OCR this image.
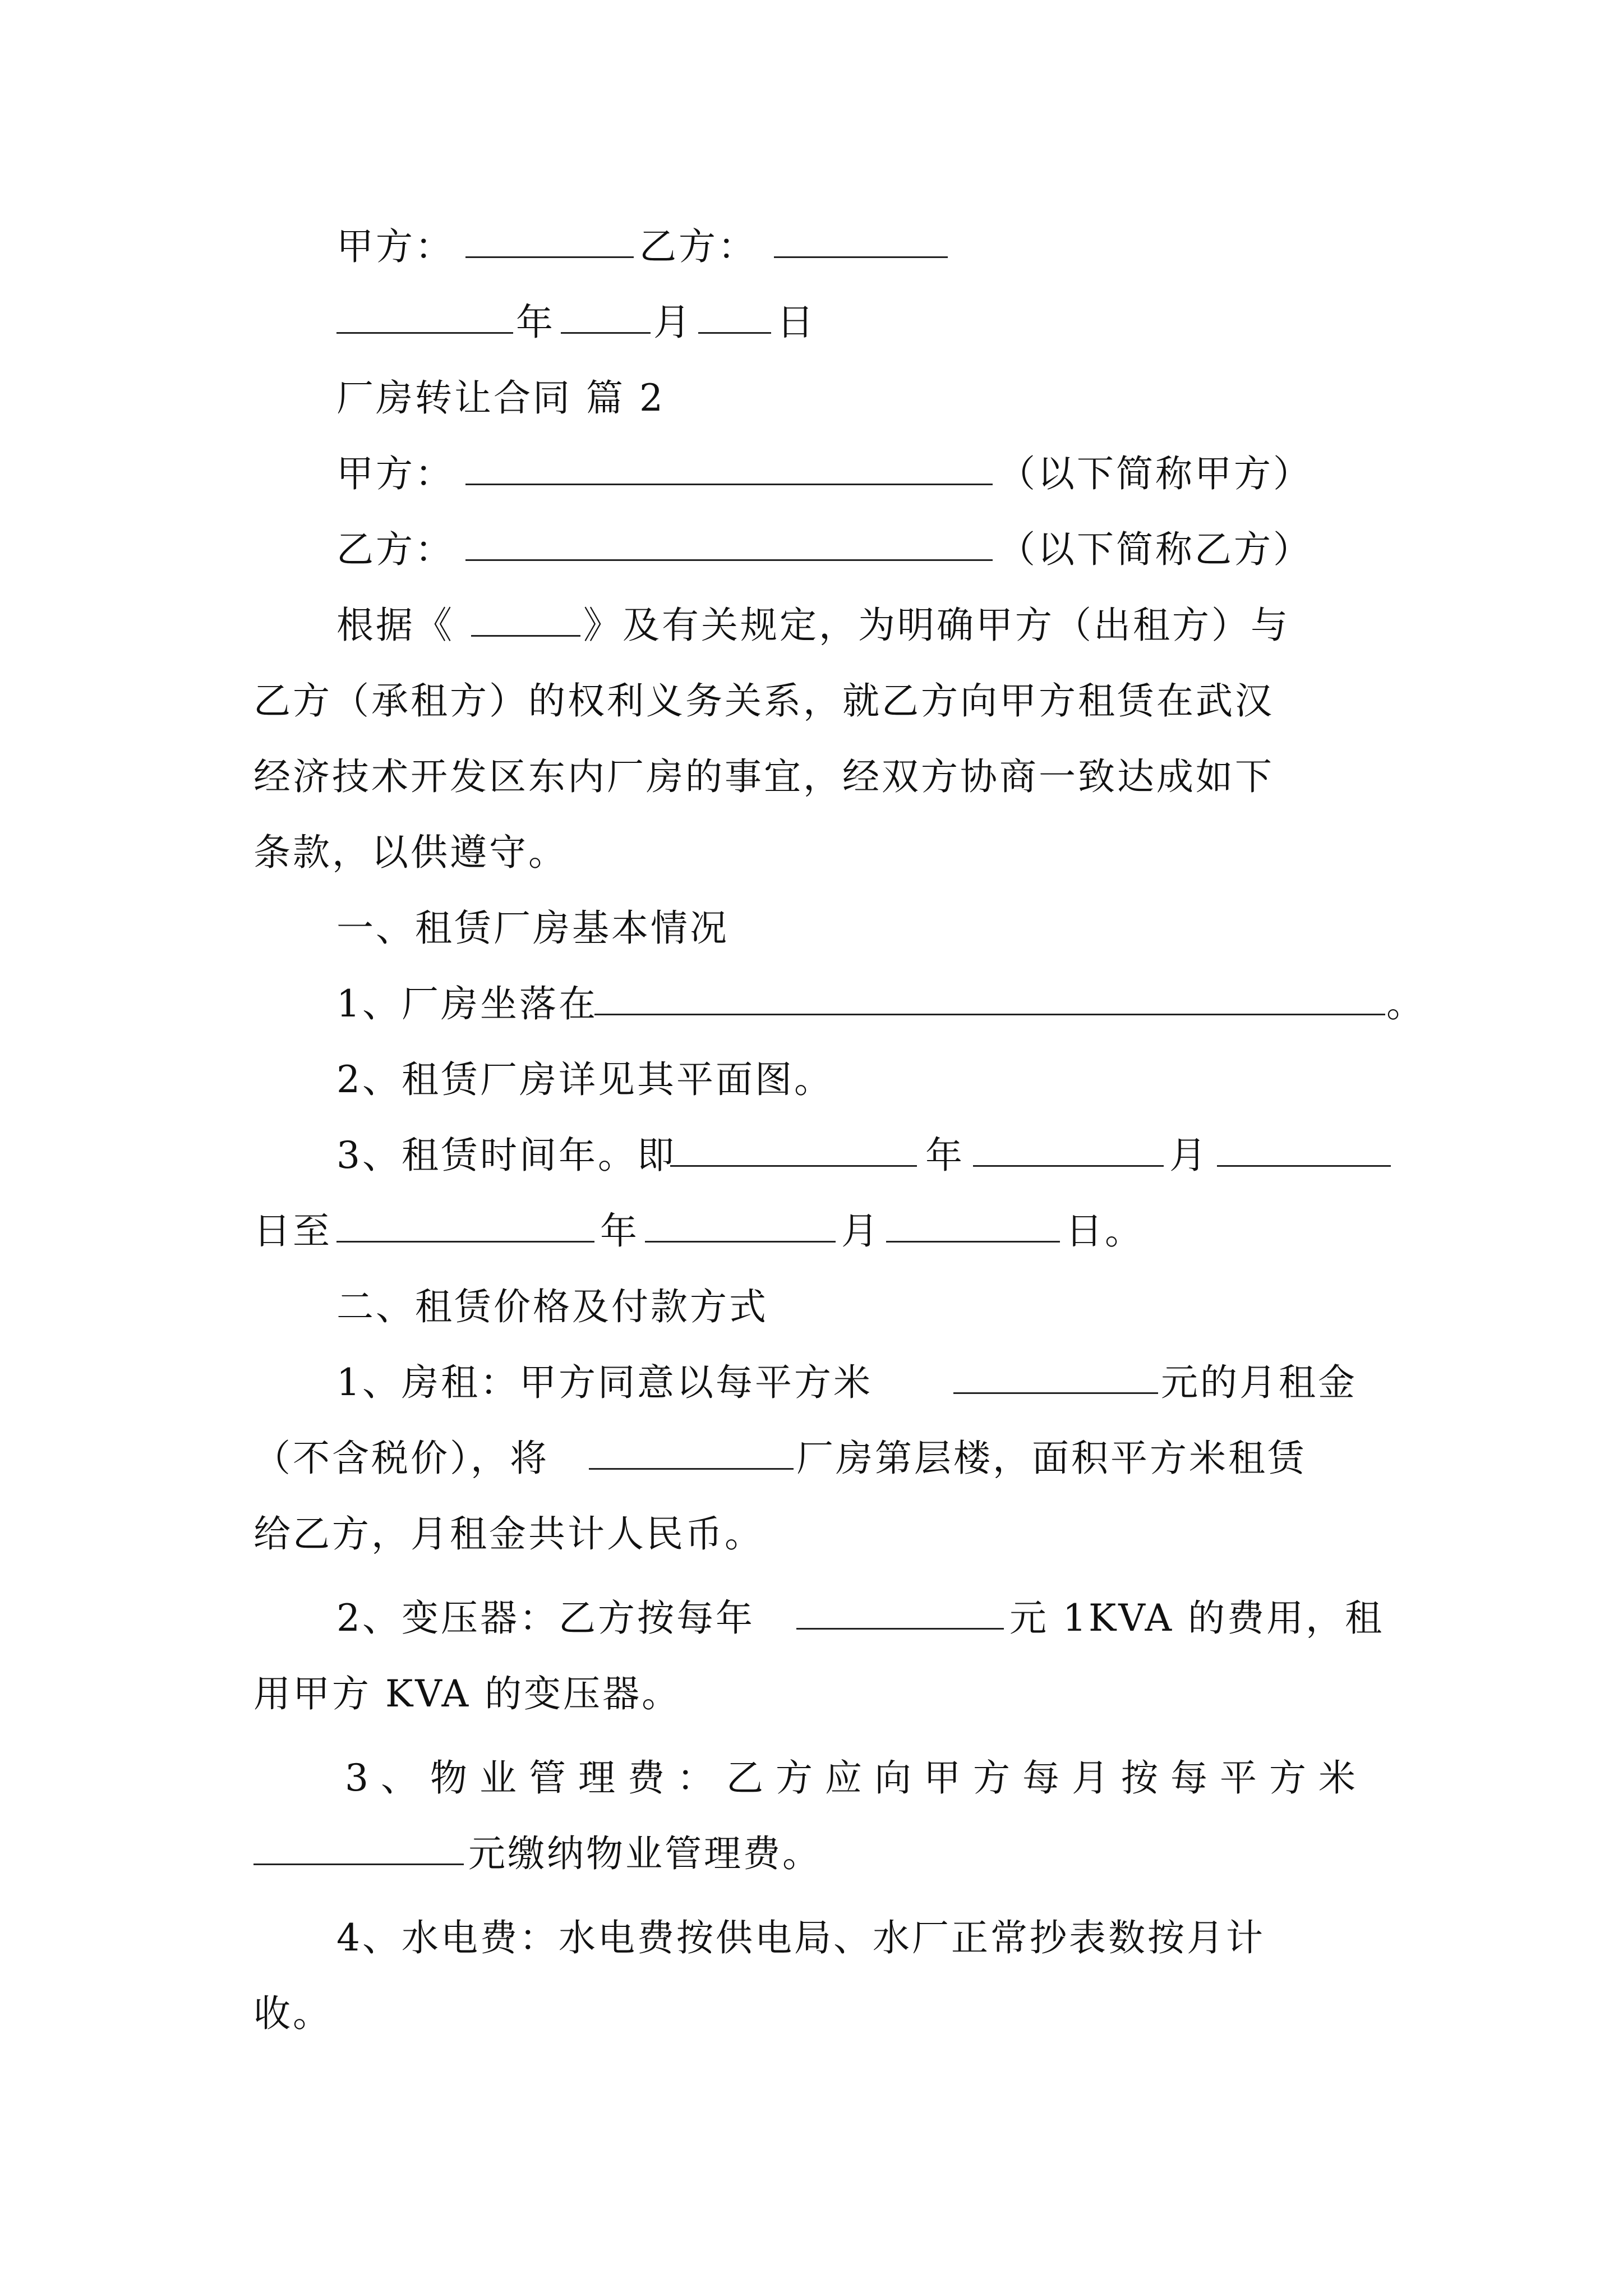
甲方：	乙方：
年	月 日
厂房转让合同 篇 2
甲方：	（以下简称甲方）
乙方：	（以下简称乙方）
根据《	》及有关规定，为明确甲方（出租方）与
乙方（承租方）的权利义务关系，就乙方向甲方租赁在武汉
经济技术开发区东内厂房的事宜，经双方协商一致达成如下
条款，以供遵守。
一、租赁厂房基本情况
1、厂房坐落在	。
2、租赁厂房详见其平面图。
3、租赁时间年。即	年	月
日至	年	月	日。
二、租赁价格及付款方式
1、房租：甲方同意以每平方米	元的月租金
（不含税价），将	厂房第层楼，面积平方米租赁
给乙方，月租金共计人民币。
2、变压器：乙方按每年	元 1KVA 的费用，租
用甲方 KVA 的变压器。
3、物业管理费：乙方应向甲方每月按每平方米
元缴纳物业管理费。
4、水电费：水电费按供电局、水厂正常抄表数按月计
收。
